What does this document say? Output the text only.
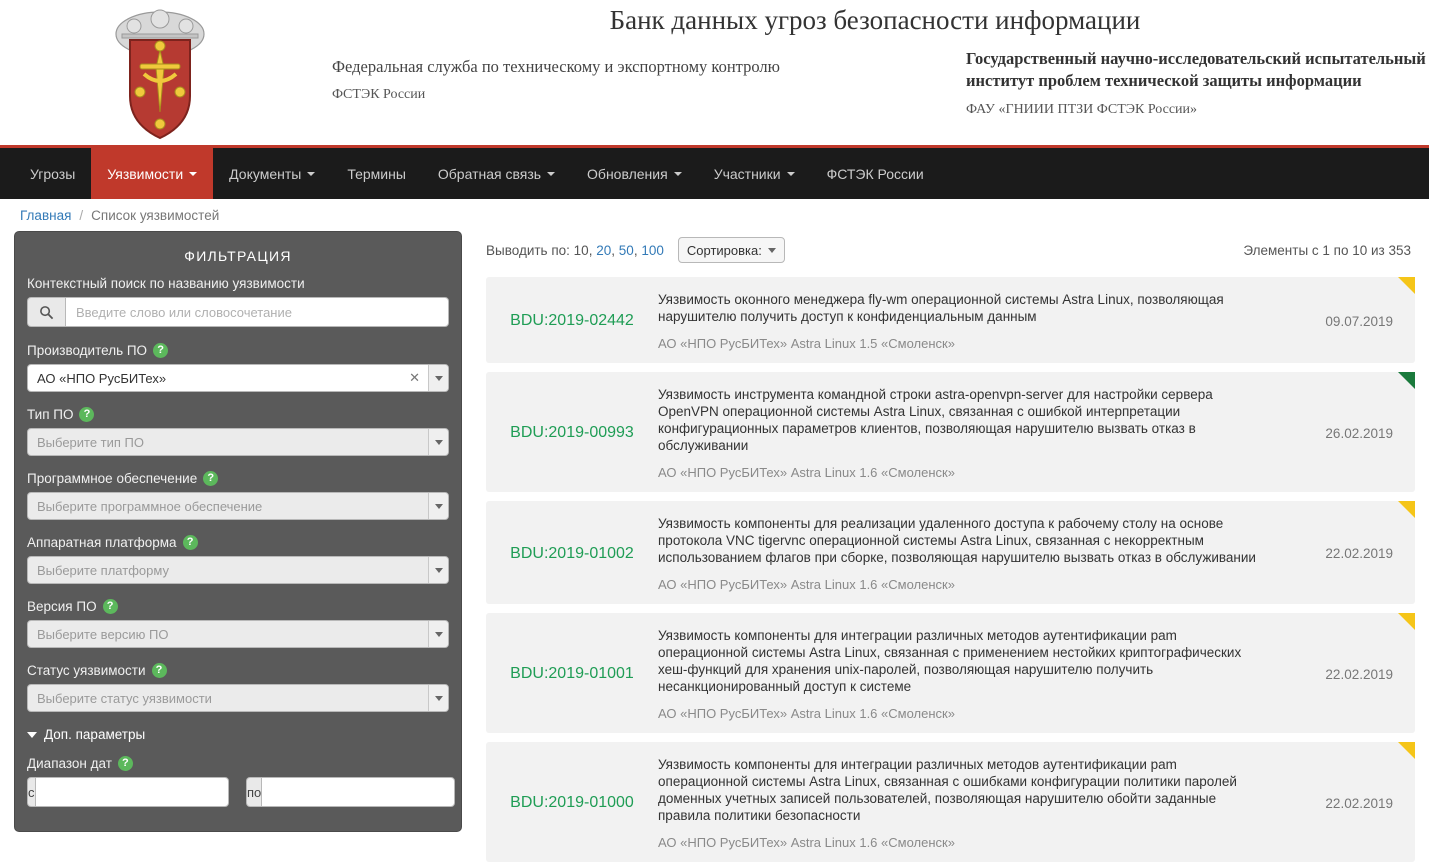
Банк данных угроз безопасности информации
Федеральная служба по техническому и экспортному контролю
ФСТЭК России
Государственный научно-исследовательский испытательный институт проблем технической защиты информации
ФАУ «ГНИИИ ПТЗИ ФСТЭК России»
Угрозы Уязвимости	Документы	Термины Обратная связь	Обновления	Участники	ФСТЭК России
Главная / Список уязвимостей
ФИЛЬТРАЦИЯ
Контекстный поиск по названию уязвимости
Введите слово или словосочетание
Производитель ПО ?
АО «НПО РусБИТех»	✕
Тип ПО ?
Выберите тип ПО
Программное обеспечение ?
Выберите программное обеспечение
Аппаратная платформа ?
Выберите платформу
Версия ПО ?
Выберите версию ПО
Статус уязвимости ?
Выберите статус уязвимости
Доп. параметры
Диапазон дат ?
с	по
Выводить по: 10, 20, 50, 100 Сортировка:	Элементы с 1 по 10 из 353
BDU:2019-02442
Уязвимость оконного менеджера fly-wm операционной системы Astra Linux, позволяющая нарушителю получить доступ к конфиденциальным данным
АО «НПО РусБИТех» Astra Linux 1.5 «Смоленск»
09.07.2019
BDU:2019-00993
Уязвимость инструмента командной строки astra-openvpn-server для настройки сервера OpenVPN операционной системы Astra Linux, связанная с ошибкой интерпретации конфигурационных параметров клиентов, позволяющая нарушителю вызвать отказ в обслуживании
АО «НПО РусБИТех» Astra Linux 1.6 «Смоленск»
26.02.2019
BDU:2019-01002
Уязвимость компоненты для реализации удаленного доступа к рабочему столу на основе протокола VNC tigervnc операционной системы Astra Linux, связанная с некорректным использованием флагов при сборке, позволяющая нарушителю вызвать отказ в обслуживании
АО «НПО РусБИТех» Astra Linux 1.6 «Смоленск»
22.02.2019
BDU:2019-01001
Уязвимость компоненты для интеграции различных методов аутентификации pam операционной системы Astra Linux, связанная с применением нестойких криптографических хеш-функций для хранения unix-паролей, позволяющая нарушителю получить несанкционированный доступ к системе
АО «НПО РусБИТех» Astra Linux 1.6 «Смоленск»
22.02.2019
BDU:2019-01000
Уязвимость компоненты для интеграции различных методов аутентификации pam операционной системы Astra Linux, связанная с ошибками конфигурации политики паролей доменных учетных записей пользователей, позволяющая нарушителю обойти заданные правила политики безопасности
АО «НПО РусБИТех» Astra Linux 1.6 «Смоленск»
22.02.2019
